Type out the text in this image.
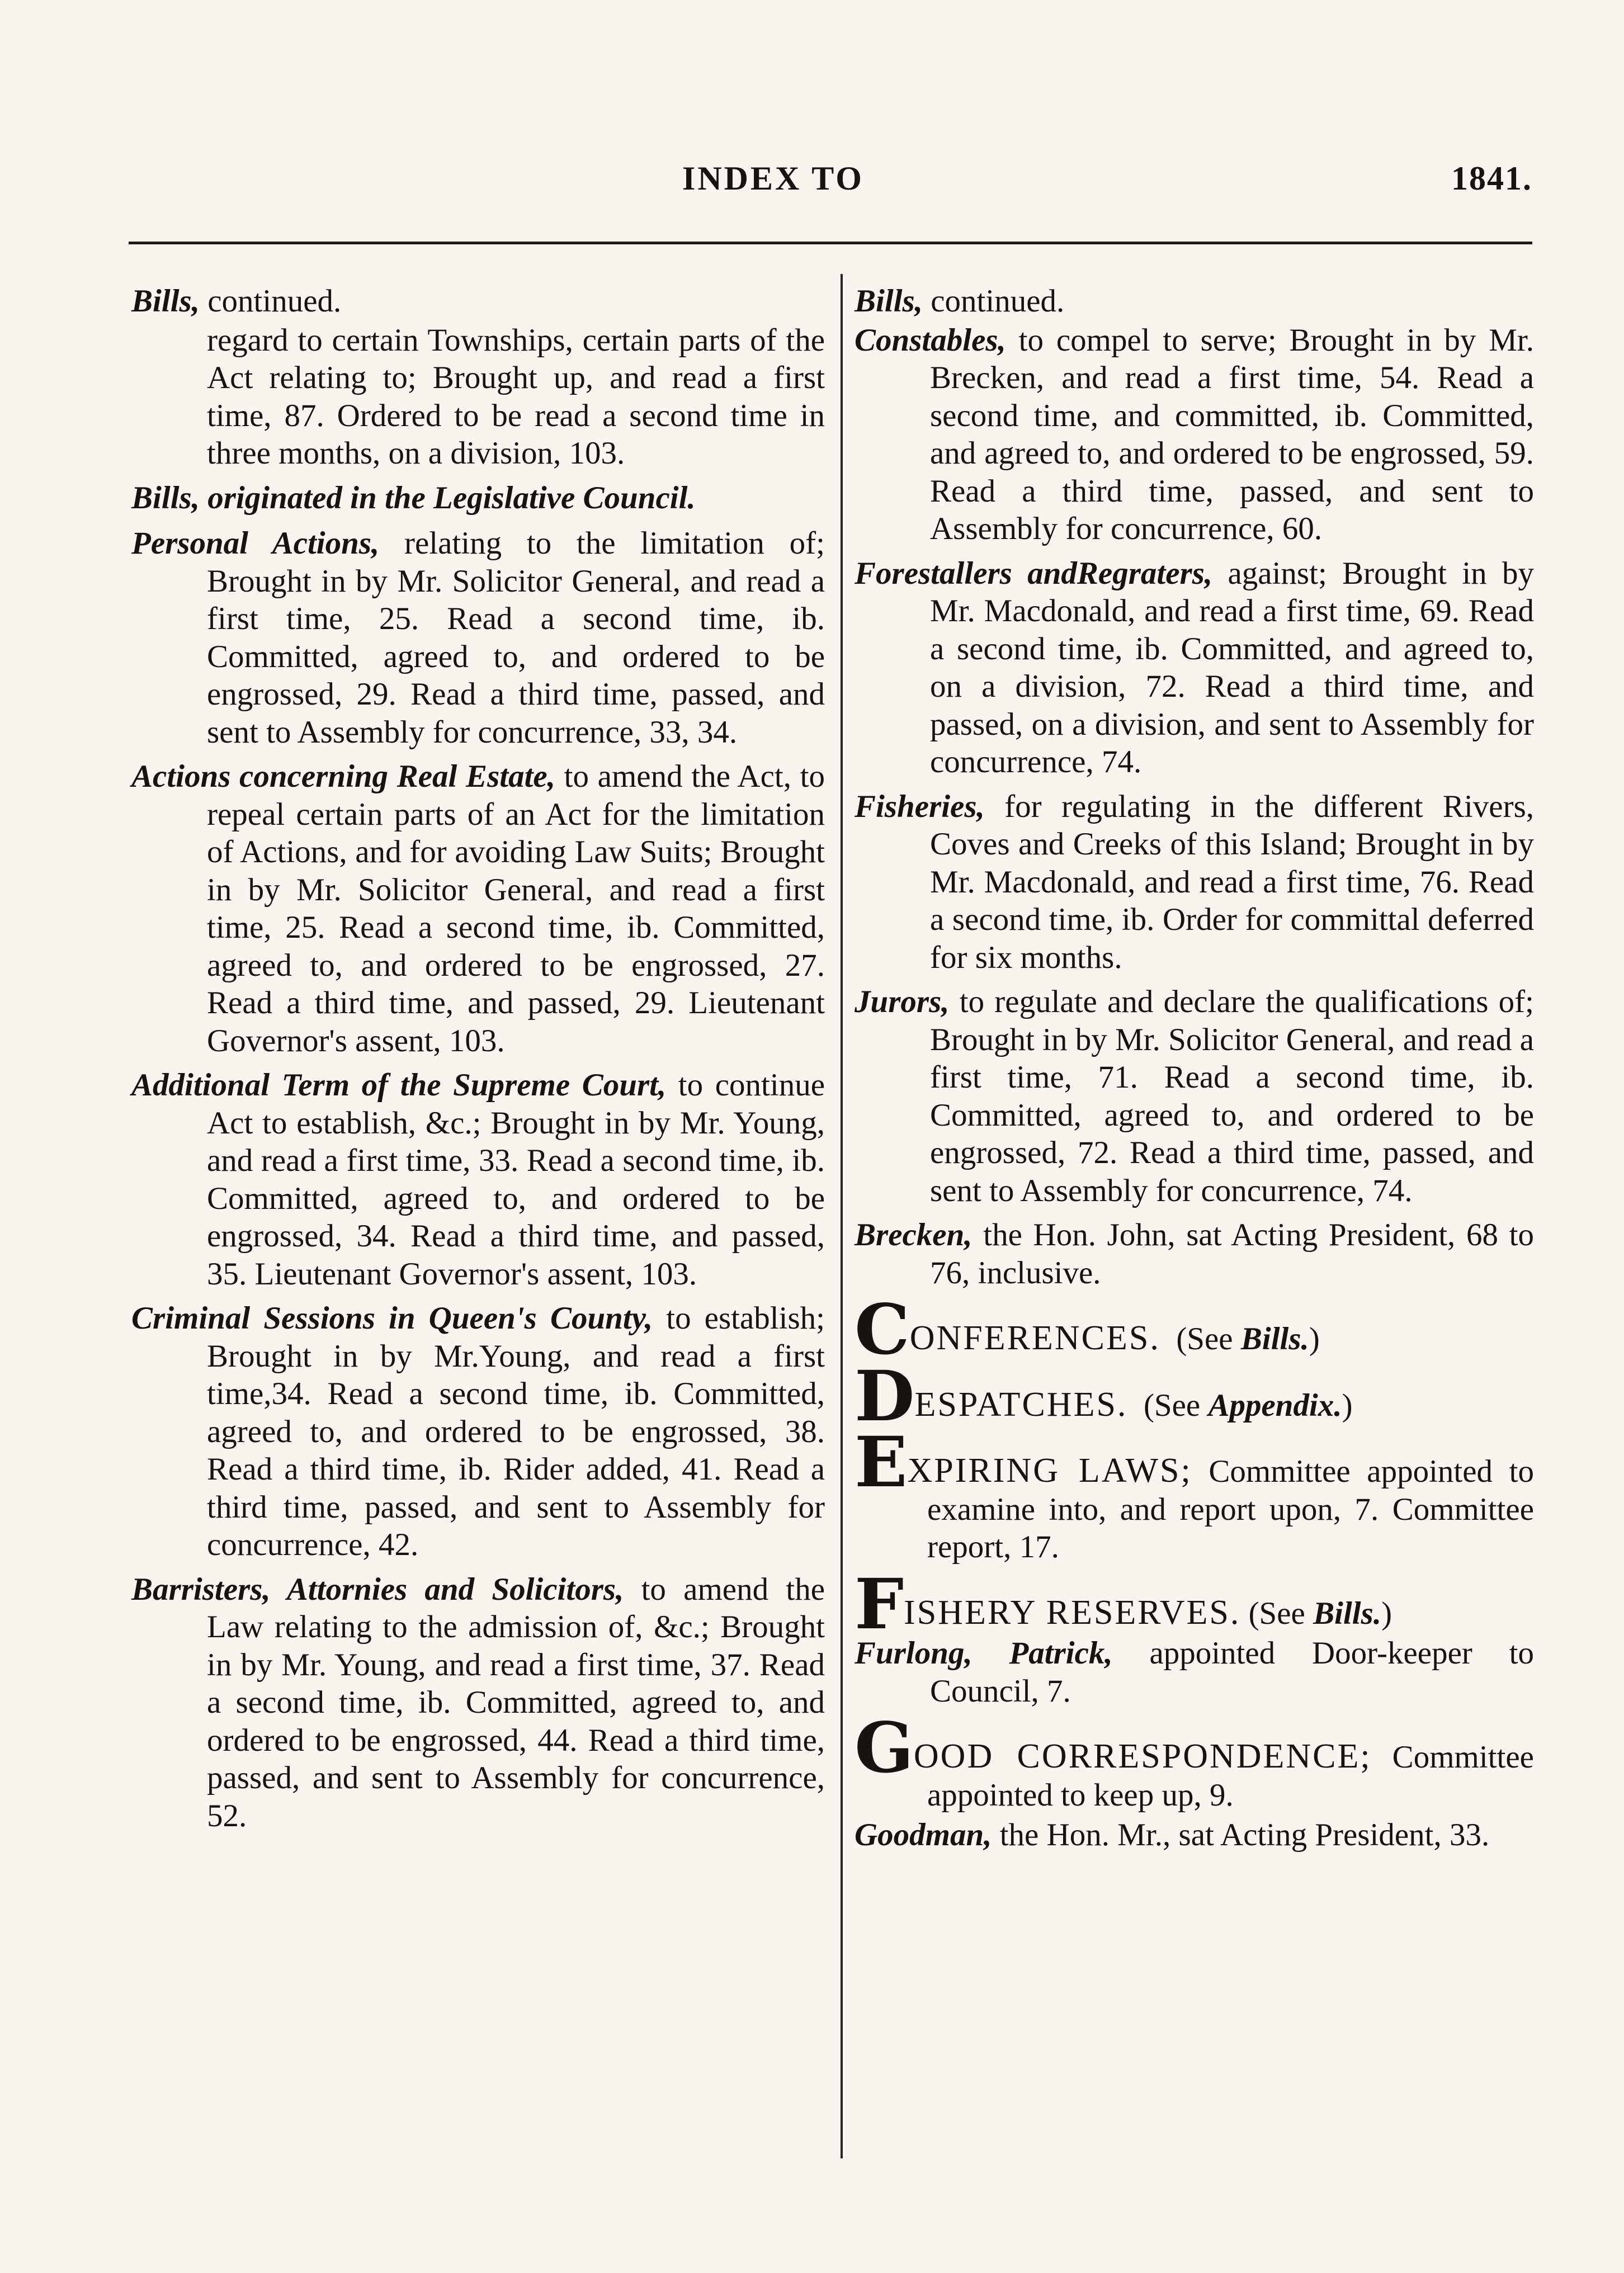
INDEX TO	1841.
Bills, continued.
regard to certain Townships, certain parts of the Act relating to; Brought up, and read a first time, 87. Ordered to be read a second time in three months, on a division, 103.
Bills, originated in the Legislative Council.
Personal Actions, relating to the limitation of; Brought in by Mr. Solicitor General, and read a first time, 25. Read a second time, ib. Committed, agreed to, and ordered to be engrossed, 29. Read a third time, passed, and sent to Assembly for concurrence, 33, 34.
Actions concerning Real Estate, to amend the Act, to repeal certain parts of an Act for the limitation of Actions, and for avoiding Law Suits; Brought in by Mr. Solicitor General, and read a first time, 25. Read a second time, ib. Committed, agreed to, and ordered to be engrossed, 27. Read a third time, and passed, 29. Lieutenant Governor's assent, 103.
Additional Term of the Supreme Court, to continue Act to establish, &c.; Brought in by Mr. Young, and read a first time, 33. Read a second time, ib. Committed, agreed to, and ordered to be engrossed, 34. Read a third time, and passed, 35. Lieutenant Governor's assent, 103.
Criminal Sessions in Queen's County, to establish; Brought in by Mr.Young, and read a first time,34. Read a second time, ib. Committed, agreed to, and ordered to be engrossed, 38. Read a third time, ib. Rider added, 41. Read a third time, passed, and sent to Assembly for concurrence, 42.
Barristers, Attornies and Solicitors, to amend the Law relating to the admission of, &c.; Brought in by Mr. Young, and read a first time, 37. Read a second time, ib. Committed, agreed to, and ordered to be engrossed, 44. Read a third time, passed, and sent to Assembly for concurrence, 52.
Bills, continued.
Constables, to compel to serve; Brought in by Mr. Brecken, and read a first time, 54. Read a second time, and committed, ib. Committed, and agreed to, and ordered to be engrossed, 59. Read a third time, passed, and sent to Assembly for concurrence, 60.
Forestallers andRegraters, against; Brought in by Mr. Macdonald, and read a first time, 69. Read a second time, ib. Committed, and agreed to, on a division, 72. Read a third time, and passed, on a division, and sent to Assembly for concurrence, 74.
Fisheries, for regulating in the different Rivers, Coves and Creeks of this Island; Brought in by Mr. Macdonald, and read a first time, 76. Read a second time, ib. Order for committal deferred for six months.
Jurors, to regulate and declare the qualifications of; Brought in by Mr. Solicitor General, and read a first time, 71. Read a second time, ib. Committed, agreed to, and ordered to be engrossed, 72. Read a third time, passed, and sent to Assembly for concurrence, 74.
Brecken, the Hon. John, sat Acting President, 68 to 76, inclusive.
CONFERENCES. (See Bills.)
DESPATCHES. (See Appendix.)
EXPIRING LAWS; Committee appointed to examine into, and report upon, 7. Committee report, 17.
FISHERY RESERVES. (See Bills.)
Furlong, Patrick, appointed Door-keeper to Council, 7.
GOOD CORRESPONDENCE; Committee appointed to keep up, 9.
Goodman, the Hon. Mr., sat Acting President, 33.
